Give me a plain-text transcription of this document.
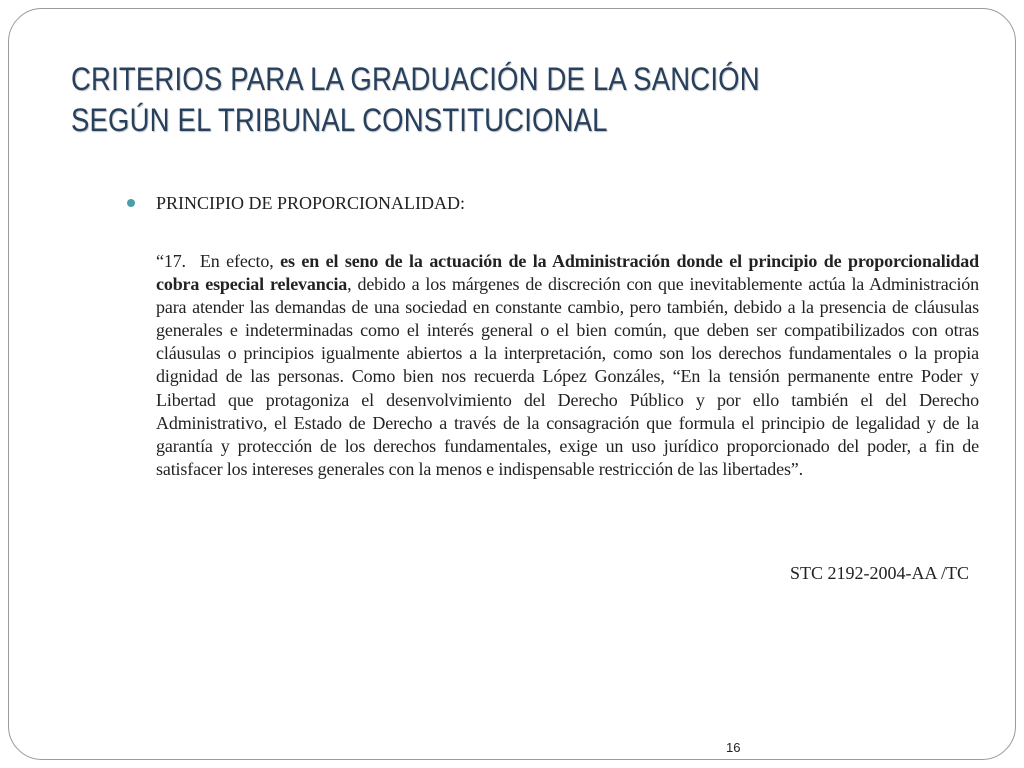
CRITERIOS PARA LA GRADUACIÓN DE LA SANCIÓN
SEGÚN EL TRIBUNAL CONSTITUCIONAL
PRINCIPIO DE PROPORCIONALIDAD:

“17. En efecto, es en el seno de la actuación de la Administración donde el principio de proporcionalidad cobra especial relevancia, debido a los márgenes de discreción con que inevitablemente actúa la Administración para atender las demandas de una sociedad en constante cambio, pero también, debido a la presencia de cláusulas generales e indeterminadas como el interés general o el bien común, que deben ser compatibilizados con otras cláusulas o principios igualmente abiertos a la interpretación, como son los derechos fundamentales o la propia dignidad de las personas. Como bien nos recuerda López Gonzáles, “En la tensión permanente entre Poder y Libertad que protagoniza el desenvolvimiento del Derecho Público y por ello también el del Derecho Administrativo, el Estado de Derecho a través de la consagración que formula el principio de legalidad y de la garantía y protección de los derechos fundamentales, exige un uso jurídico proporcionado del poder, a fin de satisfacer los intereses generales con la menos e indispensable restricción de las libertades”.

STC 2192-2004-AA /TC
16
